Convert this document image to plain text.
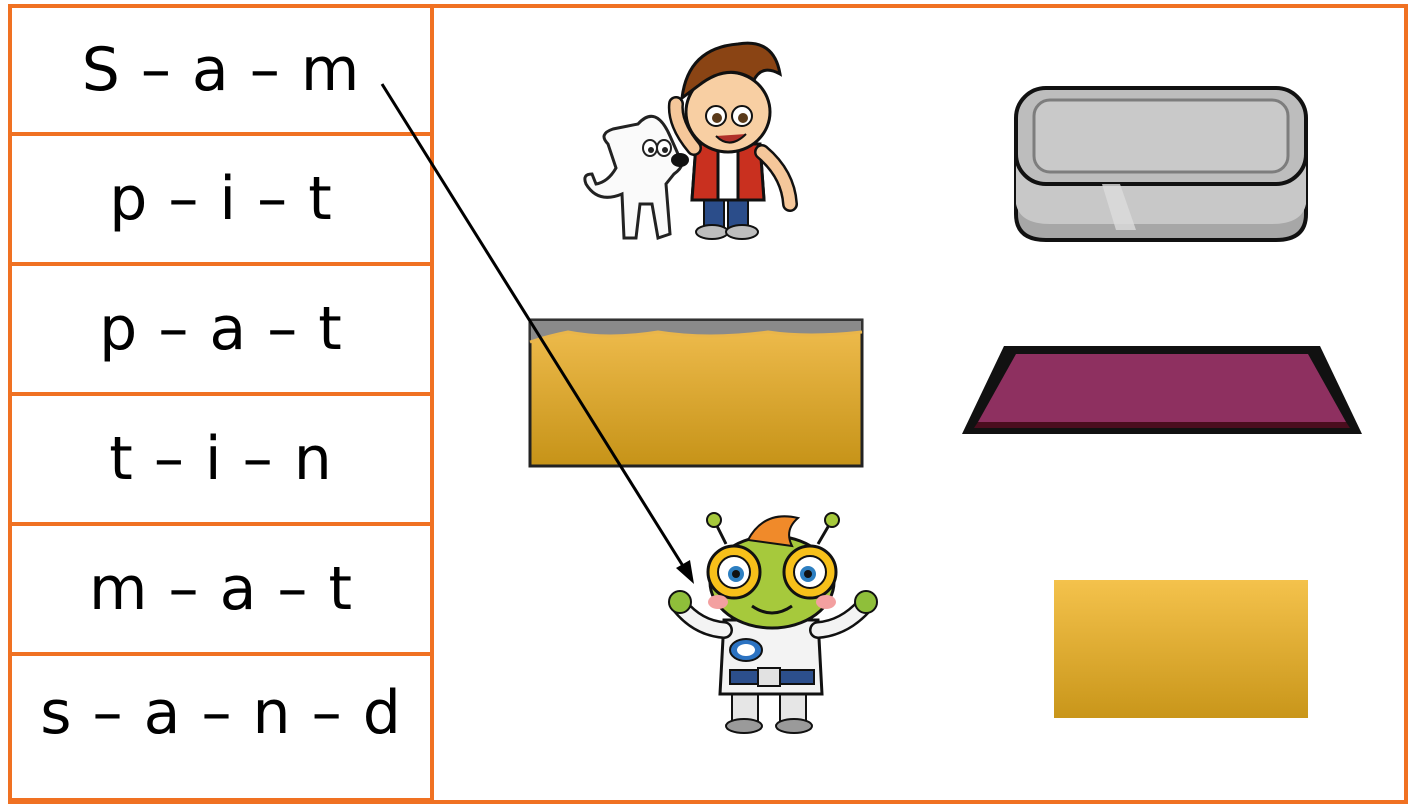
S – a – m
p – i – t
p – a – t
t – i – n
m – a – t
s – a – n – d
